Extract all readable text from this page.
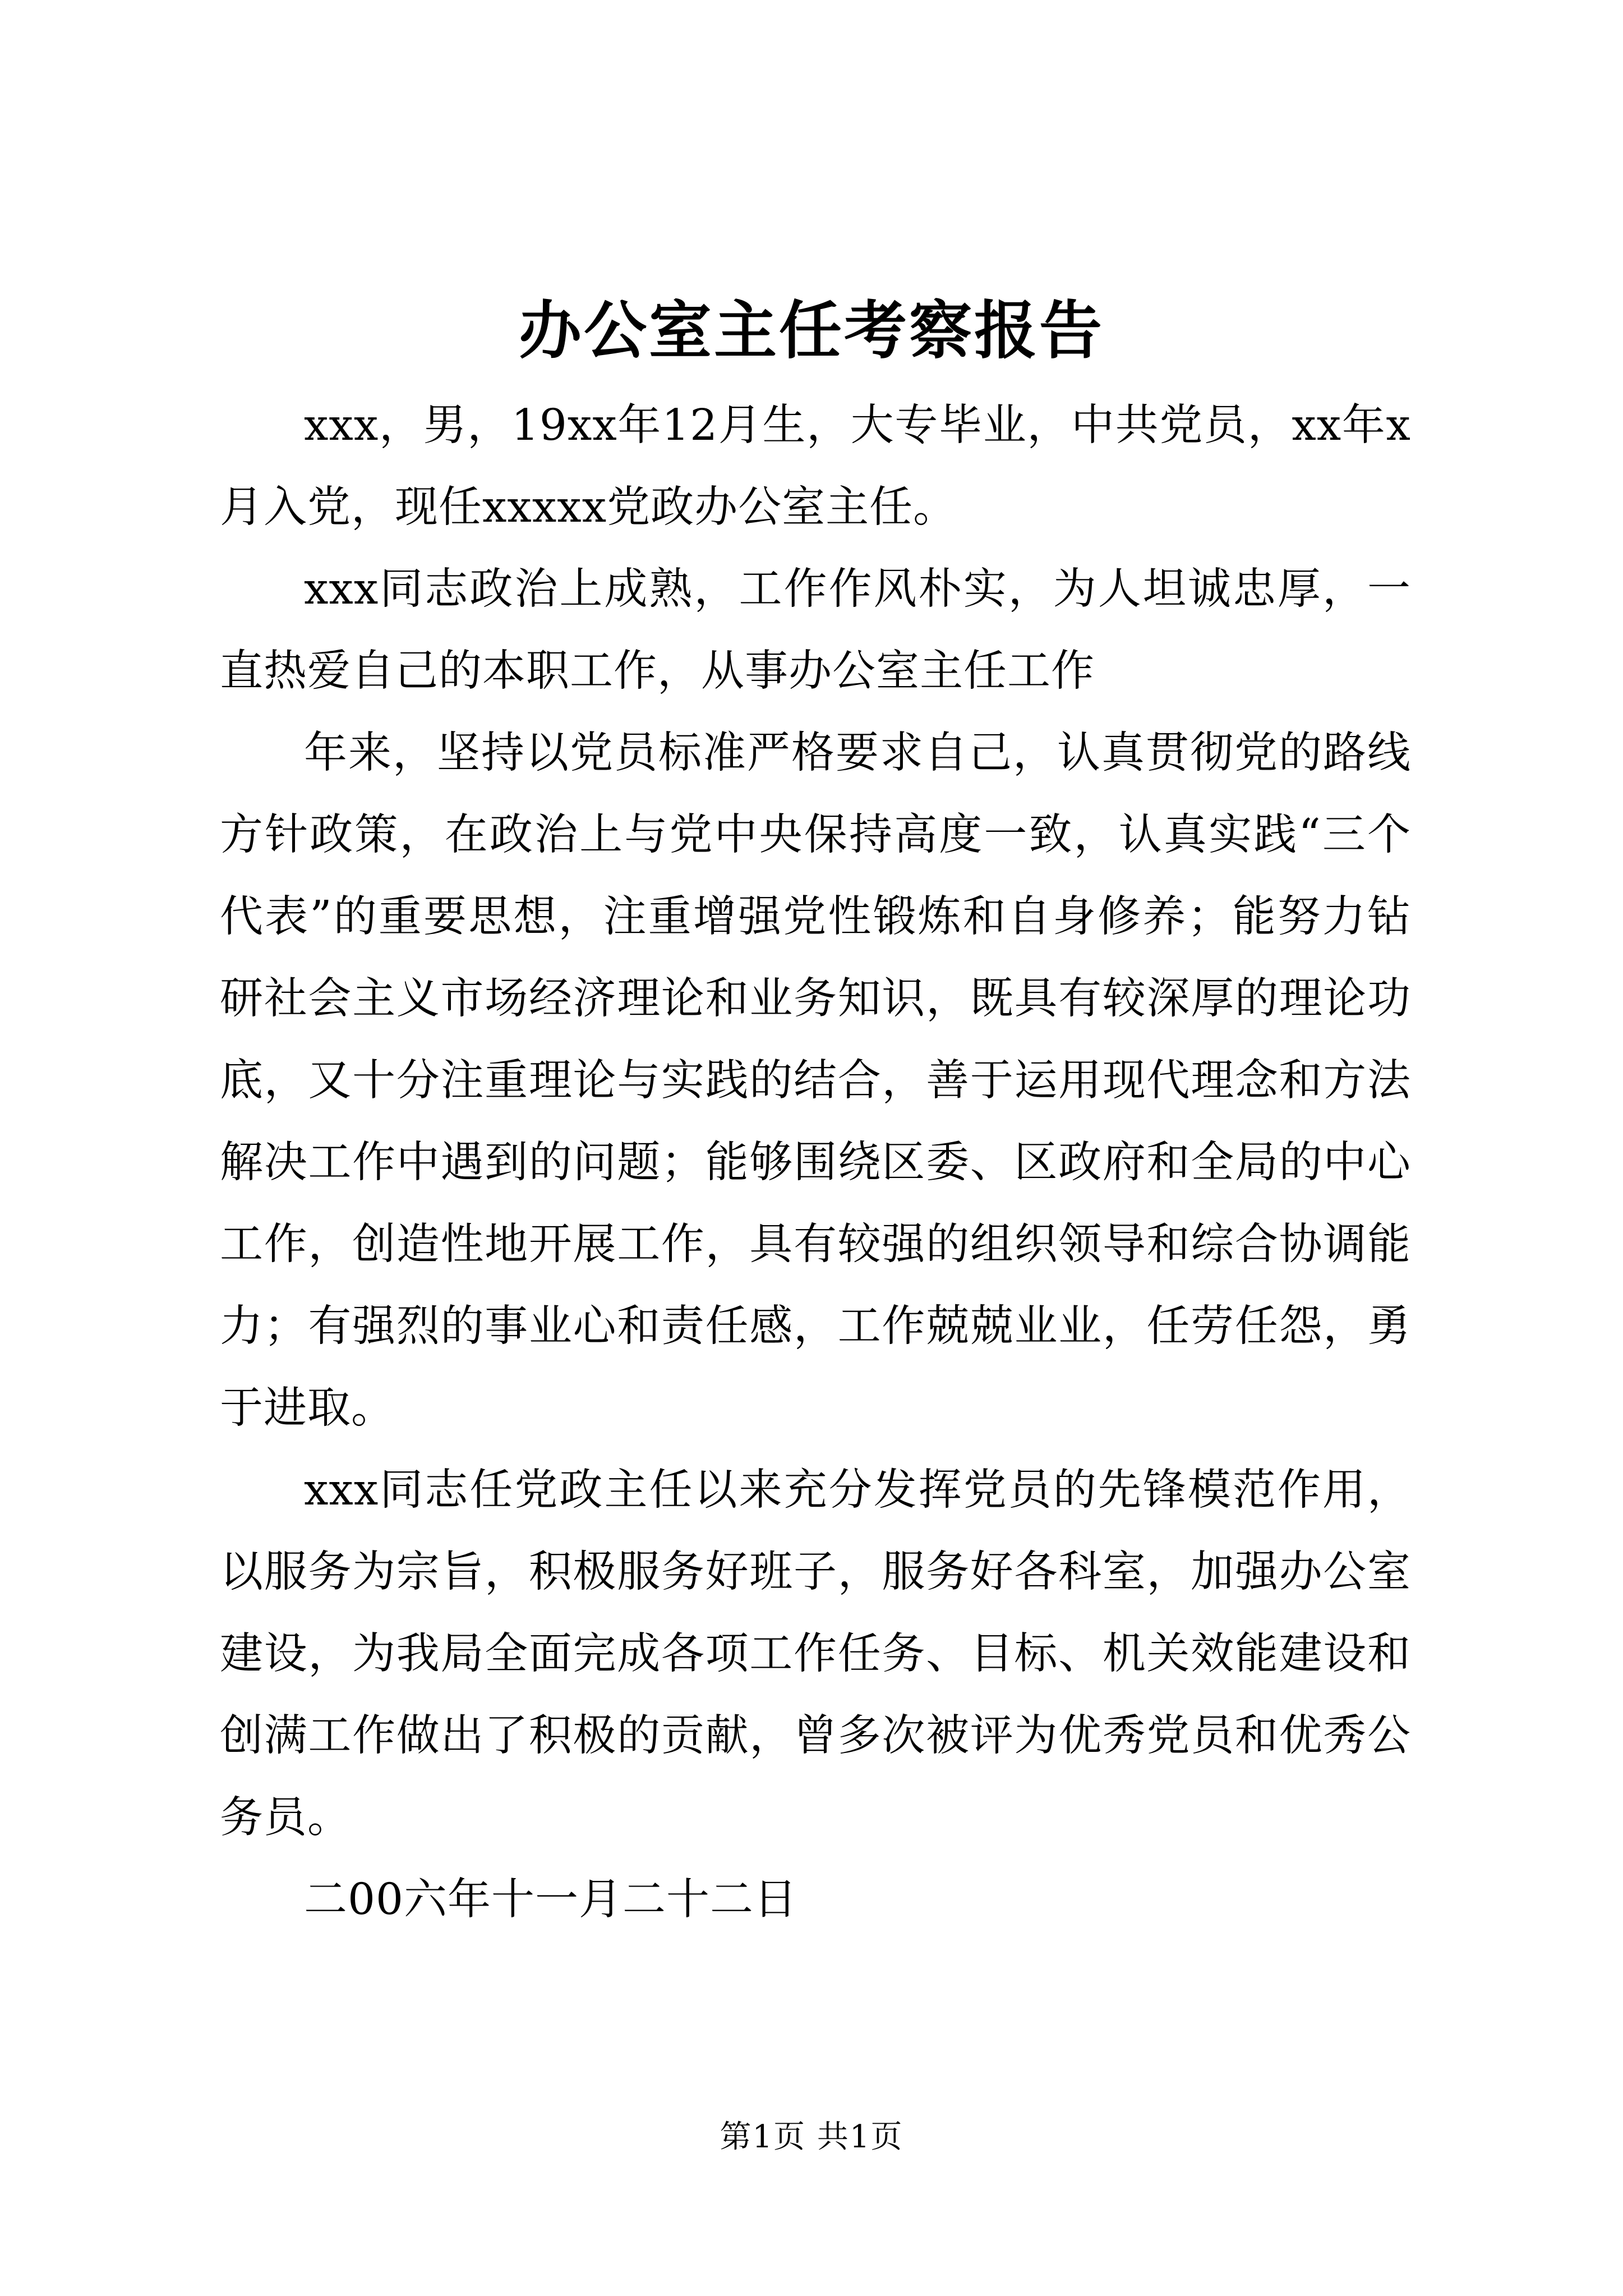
办公室主任考察报告

xxx，男，19xx年12月生，大专毕业，中共党员，xx年x月入党，现任xxxxx党政办公室主任。

xxx同志政治上成熟，工作作风朴实，为人坦诚忠厚，一直热爱自己的本职工作，从事办公室主任工作

年来，坚持以党员标准严格要求自己，认真贯彻党的路线方针政策，在政治上与党中央保持高度一致，认真实践“三个代表”的重要思想，注重增强党性锻炼和自身修养；能努力钻研社会主义市场经济理论和业务知识，既具有较深厚的理论功底，又十分注重理论与实践的结合，善于运用现代理念和方法解决工作中遇到的问题；能够围绕区委、区政府和全局的中心工作，创造性地开展工作，具有较强的组织领导和综合协调能力；有强烈的事业心和责任感，工作兢兢业业，任劳任怨，勇于进取。

xxx同志任党政主任以来充分发挥党员的先锋模范作用，以服务为宗旨，积极服务好班子，服务好各科室，加强办公室建设，为我局全面完成各项工作任务、目标、机关效能建设和创满工作做出了积极的贡献，曾多次被评为优秀党员和优秀公务员。

二00六年十一月二十二日

第1页 共1页
